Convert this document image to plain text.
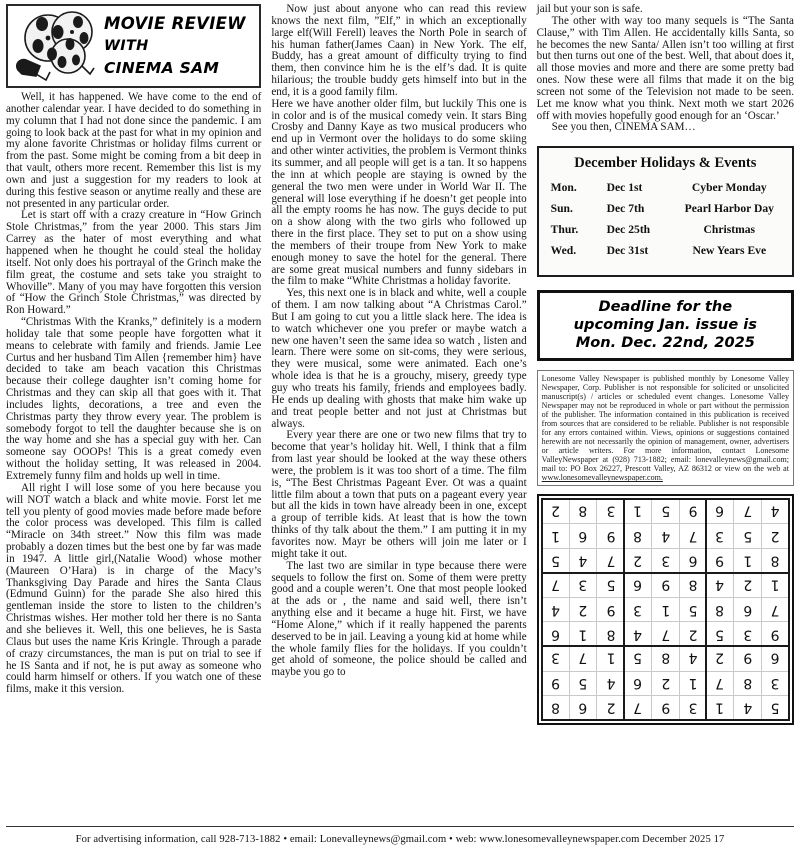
MOVIE REVIEW
WITH
CINEMA SAM

Well, it has happened. We have come to the end of another calendar year. I have decided to do something in my column that I had not done since the pandemic. I am going to look back at the past for what in my opinion and my alone favorite Christmas or holiday films current or from the past. Some might be coming from a bit deep in that vault, others more recent. Remember this list is my own and just a suggestion for my readers to look at during this festive season or anytime really and these are not presented in any particular order.

Let is start off with a crazy creature in “How Grinch Stole Christmas,” from the year 2000. This stars Jim Carrey as the hater of most everything and what happened when he thought he could steal the holiday itself. Not only does his portrayal of the Grinch make the film great, the costume and sets take you straight to Whoville”. Many of you may have forgotten this version of “How the Grinch Stole Christmas,” was directed by Ron Howard.”

“Christmas With the Kranks,” definitely is a modern holiday tale that some people have forgotten what it means to celebrate with family and friends. Jamie Lee Curtus and her husband Tim Allen {remember him} have decided to take am beach vacation this Christmas because their college daughter isn’t coming home for Christmas and they can skip all that goes with it. That includes lights, decorations, a tree and even the Christmas party they throw every year. The problem is somebody forgot to tell the daughter because she is on the way home and she has a special guy with her. Can someone say OOOPs! This is a great comedy even without the holiday setting, It was released in 2004. Extremely funny film and holds up well in time.

All right I will lose some of you here because you will NOT watch a black and white movie. Forst let me tell you plenty of good movies made before made before the color process was developed. This film is called “Miracle on 34th street.” Now this film was made probably a dozen times but the best one by far was made in 1947. A little girl,(Natalie Wood) whose mother (Maureen O’Hara) is in charge of the Macy’s Thanksgiving Day Parade and hires the Santa Claus (Edmund Guinn) for the parade She also hired this gentleman inside the store to listen to the children’s Christmas wishes. Her mother told her there is no Santa and she believes it. Well, this one believes, he is Sasta Claus but uses the name Kris Kringle. Through a parade of crazy circumstances, the man is put on trial to see if he IS Santa and if not, he is put away as someone who could harm himself or others. If you watch one of these films, make it this version.

Now just about anyone who can read this review knows the next film, ”Elf,” in which an exceptionally large elf(Will Ferell) leaves the North Pole in search of his human father(James Caan) in New York. The elf, Buddy, has a great amount of difficulty trying to find them, then convince him he is the elf’s dad. It is quite hilarious; the trouble buddy gets himself into but in the end, it is a good family film.

Here we have another older film, but luckily This one is in color and is of the musical comedy vein. It stars Bing Crosby and Danny Kaye as two musical producers who end up in Vermont over the holidays to do some skiing and other winter activities, the problem is Vermont thinks its summer, and all people will get is a tan. It so happens the inn at which people are staying is owned by the general the two men were under in World War II. The general will lose everything if he doesn’t get people into all the empty rooms he has now. The guys decide to put on a show along with the two girls who followed up there in the first place. They set to put on a show using the members of their troupe from New York to make enough money to save the hotel for the general. There are some great musical numbers and funny sidebars in the film to make “White Christmas a holiday favorite.

Yes, this next one is in black and white, well a couple of them. I am now talking about “A Christmas Carol.” But I am going to cut you a little slack here. The idea is to watch whichever one you prefer or maybe watch a new one haven’t seen the same idea so watch , listen and learn. There were some on sit-coms, they were serious, they were musical, some were animated. Each one’s whole idea is that he is a grouchy, misery, greedy type guy who treats his family, friends and employees badly. He ends up dealing with ghosts that make him wake up and treat people better and not just at Christmas but always.

Every year there are one or two new films that try to become that year’s holiday hit. Well, I think that a film from last year should be looked at the way these others were, the problem is it was too short of a time. The film is, “The Best Christmas Pageant Ever. Ot was a quaint little film about a town that puts on a pageant every year but all the kids in town have already been in one, except a group of terrible kids. At least that is how the town thinks of thy talk about the them.” I am putting it in my favorites now. Mayr be others will join me later or I might take it out.

The last two are similar in type because there were sequels to follow the first on. Some of them were pretty good and a couple weren’t. One that most people looked at the ads or , the name and said well, there isn’t anything else and it became a huge hit. First, we have “Home Alone,” which if it really happened the parents deserved to be in jail. Leaving a young kid at home while the whole family flies for the holidays. If you couldn’t get ahold of someone, the police should be called and maybe you go to

jail but your son is safe.

The other with way too many sequels is “The Santa Clause,” with Tim Allen. He accidentally kills Santa, so he becomes the new Santa/ Allen isn’t too willing at first but then turns out one of the best. Well, that about does it, all those movies and more and there are some pretty bad ones. Now these were all films that made it on the big screen not some of the Television not made to be seen. Let me know what you think. Next moth we start 2026 off with movies hopefully good enough for an ‘Oscar.’

See you then, CINEMA SAM…

December Holidays & Events
Mon.	Dec 1st	Cyber Monday
Sun.	Dec 7th	Pearl Harbor Day
Thur.	Dec 25th	Christmas
Wed.	Dec 31st	New Years Eve
Deadline for the
upcoming Jan. issue is
Mon. Dec. 22nd, 2025

Lonesome Valley Newspaper is published monthly by Lonesome Valley Newspaper, Corp. Publisher is not responsible for solicited or unsolicited manuscript(s) / articles or scheduled event changes. Lonesome Valley Newspaper may not be reproduced in whole or part without the permission of the publisher. The information contained in this publication is received from sources that are considered to be reliable. Publisher is not responsible for any errors contained within. Views, opinions or suggestions contained herewith are not necessarily the opinion of management, owner, advertisers or article writers. For more information, contact Lonesome ValleyNewspaper at (928) 713-1882; email: lonevalleynews@gmail.com; mail to: PO Box 26227, Prescott Valley, AZ 86312 or view on the web at www.lonesomevalleynewspaper.com.

2	8	3	1	5	9	6	7	4
1	6	9	8	4	7	3	5	2
5	4	7	2	3	6	9	1	8
7	3	5	6	9	8	4	2	1
4	2	9	3	1	5	8	6	7
6	1	8	4	7	2	5	3	9
3	7	1	5	8	4	2	9	6
9	5	4	6	2	1	7	8	3
8	6	2	7	9	3	1	4	5
For advertising information, call 928-713-1882 • email: Lonevalleynews@gmail.com • web: www.lonesomevalleynewspaper.com December 2025 17
